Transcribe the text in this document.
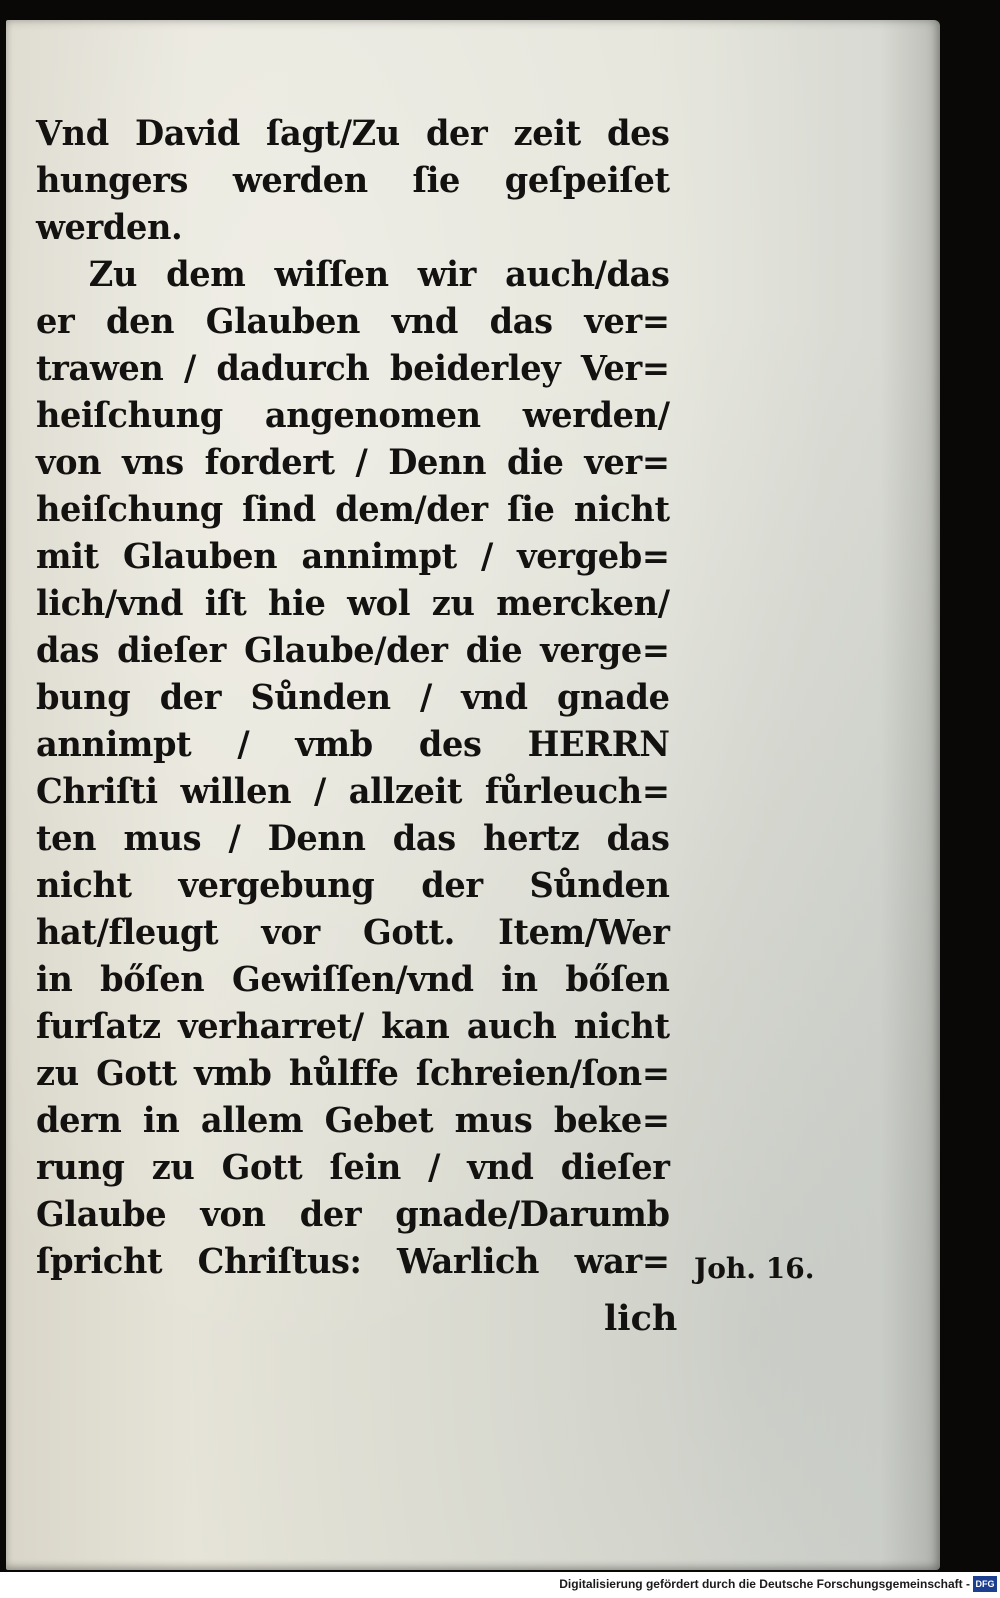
Vnd David ſagt/Zu der zeit des
hungers werden ſie geſpeiſet
werden.
Zu dem wiſſen wir auch/das
er den Glauben vnd das ver=
trawen / dadurch beiderley Ver=
heiſchung angenomen werden/
von vns fordert / Denn die ver=
heiſchung ſind dem/der ſie nicht
mit Glauben annimpt / vergeb=
lich/vnd iſt hie wol zu mercken/
das dieſer Glaube/der die verge=
bung der Sůnden / vnd gnade
annimpt / vmb des HERRN
Chriſti willen / allzeit fůrleuch=
ten mus / Denn das hertz das
nicht vergebung der Sůnden
hat/fleugt vor Gott. Item/Wer
in bőſen Gewiſſen/vnd in bőſen
furſatz verharret/ kan auch nicht
zu Gott vmb hůlffe ſchreien/ſon=
dern in allem Gebet mus beke=
rung zu Gott ſein / vnd dieſer
Glaube von der gnade/Darumb
ſpricht Chriſtus: Warlich war= Joh. 16.
lich
Digitalisierung gefördert durch die Deutsche Forschungsgemeinschaft - DFG
